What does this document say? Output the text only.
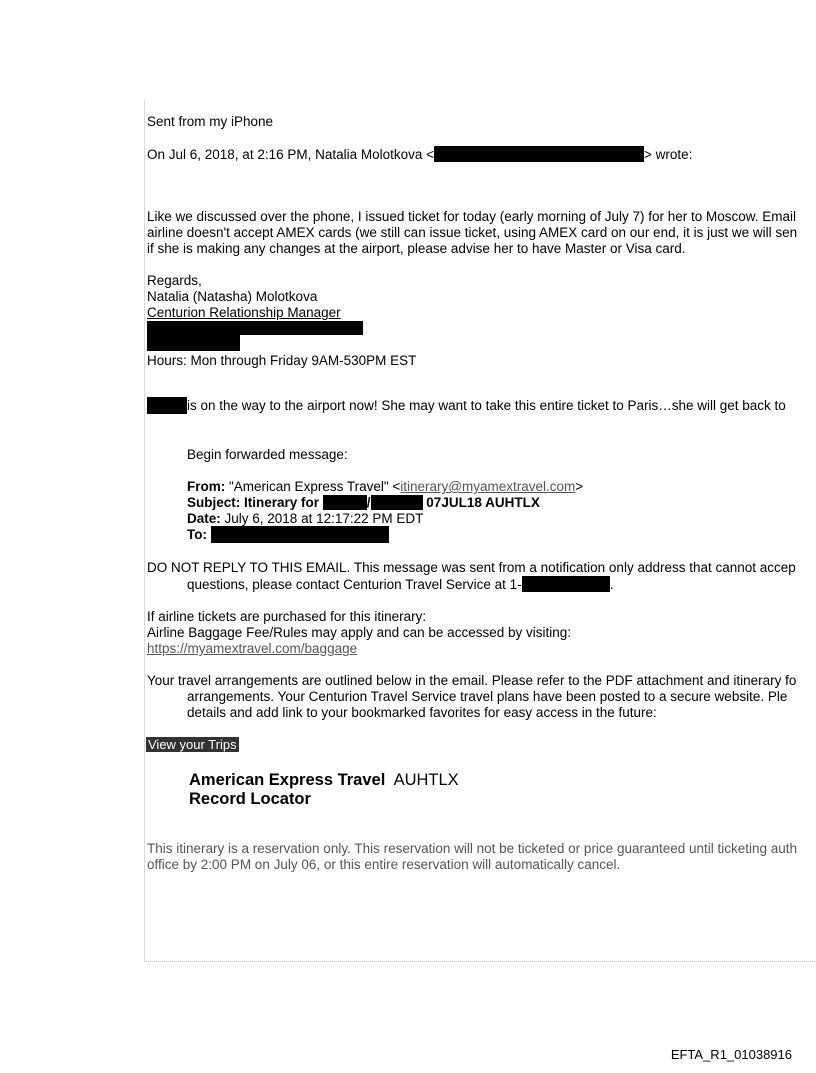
Sent from my iPhone
On Jul 6, 2018, at 2:16 PM, Natalia Molotkova <	> wrote:
Like we discussed over the phone, I issued ticket for today (early morning of July 7) for her to Moscow. Email
airline doesn't accept AMEX cards (we still can issue ticket, using AMEX card on our end, it is just we will sen
if she is making any changes at the airport, please advise her to have Master or Visa card.
Regards,
Natalia (Natasha) Molotkova
Centurion Relationship Manager
Hours: Mon through Friday 9AM-530PM EST
is on the way to the airport now! She may want to take this entire ticket to Paris…she will get back to
Begin forwarded message:
From: "American Express Travel" <itinerary@myamextravel.com>
Subject: Itinerary for	/	07JUL18 AUHTLX
Date: July 6, 2018 at 12:17:22 PM EDT
To:
DO NOT REPLY TO THIS EMAIL. This message was sent from a notification only address that cannot accep
questions, please contact Centurion Travel Service at 1-	.
If airline tickets are purchased for this itinerary:
Airline Baggage Fee/Rules may apply and can be accessed by visiting:
https://myamextravel.com/baggage
Your travel arrangements are outlined below in the email. Please refer to the PDF attachment and itinerary fo
arrangements. Your Centurion Travel Service travel plans have been posted to a secure website. Ple
details and add link to your bookmarked favorites for easy access in the future:
View your Trips
American Express Travel AUHTLX
Record Locator
This itinerary is a reservation only. This reservation will not be ticketed or price guaranteed until ticketing auth
office by 2:00 PM on July 06, or this entire reservation will automatically cancel.
EFTA_R1_01038916
